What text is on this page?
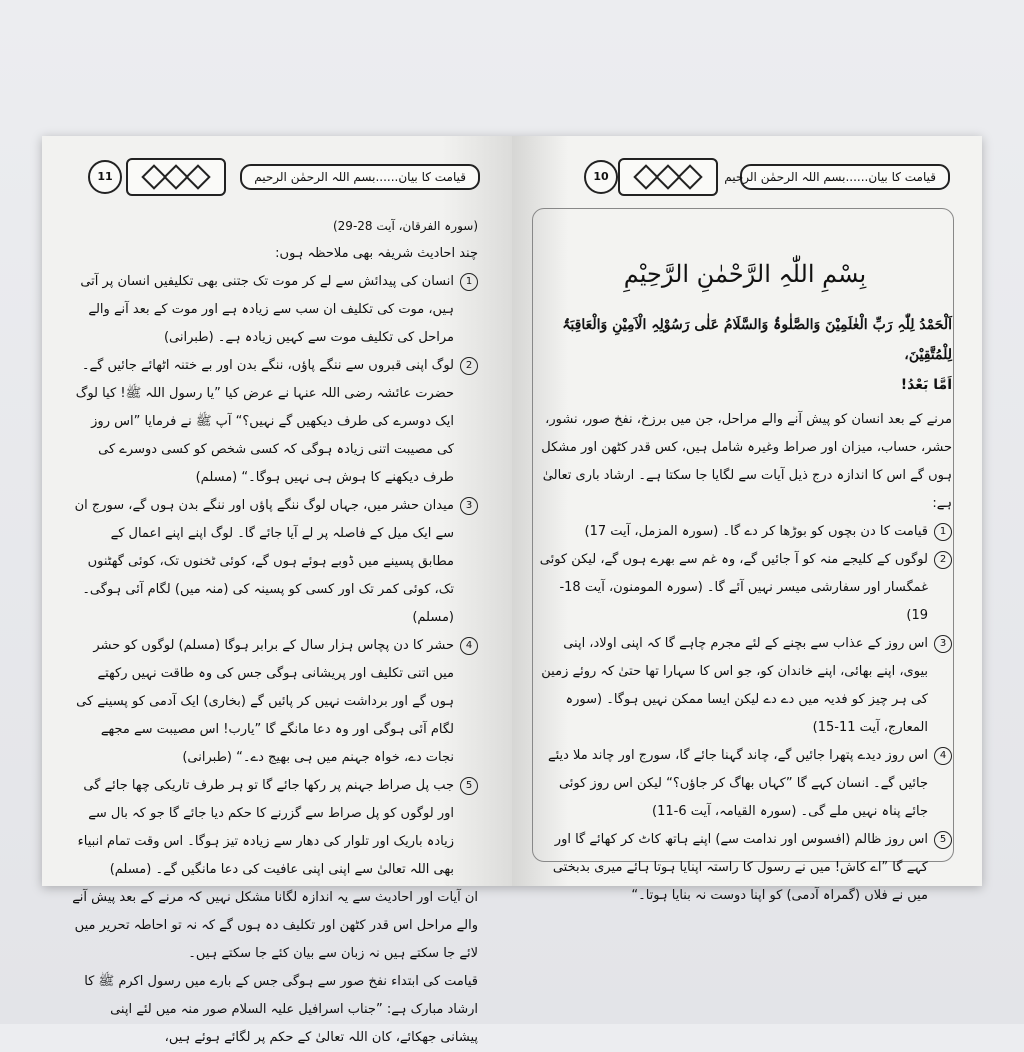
11	قیامت کا بیان......بسم اللہ الرحمٰن الرحیم

(سورہ الفرقان، آیت 28-29)

چند احادیث شریفہ بھی ملاحظہ ہوں:

1
انسان کی پیدائش سے لے کر موت تک جتنی بھی تکلیفیں انسان پر آتی ہیں، موت کی تکلیف ان سب سے زیادہ ہے اور موت کے بعد آنے والے مراحل کی تکلیف موت سے کہیں زیادہ ہے۔ (طبرانی)
2
لوگ اپنی قبروں سے ننگے پاؤں، ننگے بدن اور بے ختنہ اٹھائے جائیں گے۔ حضرت عائشہ رضی اللہ عنہا نے عرض کیا ”یا رسول اللہ ﷺ! کیا لوگ ایک دوسرے کی طرف دیکھیں گے نہیں؟“ آپ ﷺ نے فرمایا ”اس روز کی مصیبت اتنی زیادہ ہوگی کہ کسی شخص کو کسی دوسرے کی طرف دیکھنے کا ہوش ہی نہیں ہوگا۔“ (مسلم)
3
میدان حشر میں، جہاں لوگ ننگے پاؤں اور ننگے بدن ہوں گے، سورج ان سے ایک میل کے فاصلہ پر لے آیا جائے گا۔ لوگ اپنے اپنے اعمال کے مطابق پسینے میں ڈوبے ہوئے ہوں گے، کوئی ٹخنوں تک، کوئی گھٹنوں تک، کوئی کمر تک اور کسی کو پسینہ کی (منہ میں) لگام آئی ہوگی۔ (مسلم)
4
حشر کا دن پچاس ہزار سال کے برابر ہوگا (مسلم) لوگوں کو حشر میں اتنی تکلیف اور پریشانی ہوگی جس کی وہ طاقت نہیں رکھتے ہوں گے اور برداشت نہیں کر پائیں گے (بخاری) ایک آدمی کو پسینے کی لگام آئی ہوگی اور وہ دعا مانگے گا ”یارب! اس مصیبت سے مجھے نجات دے، خواہ جہنم میں ہی بھیج دے۔“ (طبرانی)
5
جب پل صراط جہنم پر رکھا جائے گا تو ہر طرف تاریکی چھا جائے گی اور لوگوں کو پل صراط سے گزرنے کا حکم دیا جائے گا جو کہ بال سے زیادہ باریک اور تلوار کی دھار سے زیادہ تیز ہوگا۔ اس وقت تمام انبیاء بھی اللہ تعالیٰ سے اپنی اپنی عافیت کی دعا مانگیں گے۔ (مسلم)

ان آیات اور احادیث سے یہ اندازہ لگانا مشکل نہیں کہ مرنے کے بعد پیش آنے والے مراحل اس قدر کٹھن اور تکلیف دہ ہوں گے کہ نہ تو احاطہ تحریر میں لائے جا سکتے ہیں نہ زبان سے بیان کئے جا سکتے ہیں۔

قیامت کی ابتداء نفخ صور سے ہوگی جس کے بارے میں رسول اکرم ﷺ کا ارشاد مبارک ہے: ”جناب اسرافیل علیہ السلام صور منہ میں لئے اپنی پیشانی جھکائے، کان اللہ تعالیٰ کے حکم پر لگائے ہوئے ہیں،

10	قیامت کا بیان......بسم اللہ الرحمٰن الرحیم
بِسْمِ اللّٰہِ الرَّحْمٰنِ الرَّحِیْمِ

اَلْحَمْدُ لِلّٰہِ رَبِّ الْعٰلَمِیْنَ وَالصَّلٰوۃُ وَالسَّلَامُ عَلٰی رَسُوْلِہِ الْاَمِیْنِ وَالْعَاقِبَۃُ لِلْمُتَّقِیْنَ،

اَمَّا بَعْدُ!

مرنے کے بعد انسان کو پیش آنے والے مراحل، جن میں برزخ، نفخ صور، نشور، حشر، حساب، میزان اور صراط وغیرہ شامل ہیں، کس قدر کٹھن اور مشکل ہوں گے اس کا اندازہ درج ذیل آیات سے لگایا جا سکتا ہے۔ ارشاد باری تعالیٰ ہے:

1
قیامت کا دن بچوں کو بوڑھا کر دے گا۔ (سورہ المزمل، آیت 17)
2
لوگوں کے کلیجے منہ کو آ جائیں گے، وہ غم سے بھرے ہوں گے، لیکن کوئی غمگسار اور سفارشی میسر نہیں آئے گا۔ (سورہ المومنون، آیت 18-19)
3
اس روز کے عذاب سے بچنے کے لئے مجرم چاہے گا کہ اپنی اولاد، اپنی بیوی، اپنے بھائی، اپنے خاندان کو، جو اس کا سہارا تھا حتیٰ کہ روئے زمین کی ہر چیز کو فدیہ میں دے دے لیکن ایسا ممکن نہیں ہوگا۔ (سورہ المعارج، آیت 11-15)
4
اس روز دیدے پتھرا جائیں گے، چاند گہنا جائے گا، سورج اور چاند ملا دیئے جائیں گے۔ انسان کہے گا ”کہاں بھاگ کر جاؤں؟“ لیکن اس روز کوئی جائے پناہ نہیں ملے گی۔ (سورہ القیامہ، آیت 6-11)
5
اس روز ظالم (افسوس اور ندامت سے) اپنے ہاتھ کاٹ کر کھائے گا اور کہے گا ”اے کاش! میں نے رسول کا راستہ اپنایا ہوتا ہائے میری بدبختی میں نے فلاں (گمراہ آدمی) کو اپنا دوست نہ بنایا ہوتا۔“
